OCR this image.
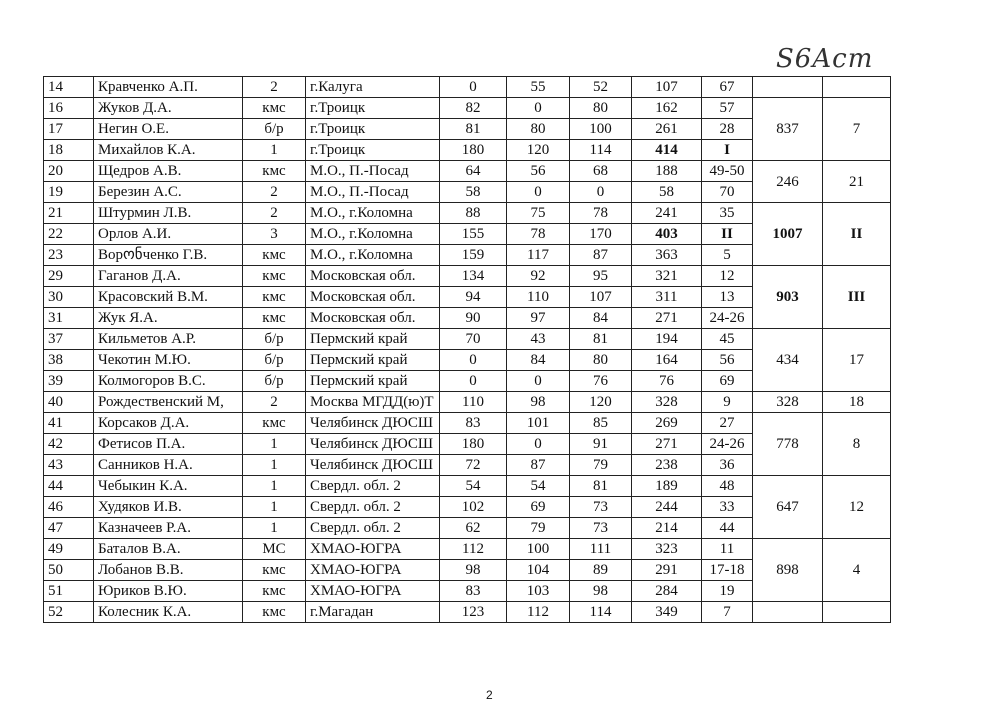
S6Acт
14	Кравченко А.П.	2	г.Калуга	0	55	52	107	67		
16	Жуков Д.А.	кмс	г.Троицк	82	0	80	162	57	837	7
17	Негин О.Е.	б/р	г.Троицк	81	80	100	261	28		
18	Михайлов К.А.	1	г.Троицк	180	120	114	414	I		
20	Щедров А.В.	кмс	М.О., П.-Посад	64	56	68	188	49-50	246	21
19	Березин А.С.	2	М.О., П.-Посад	58	0	0	58	70		
21	Штурмин Л.В.	2	М.О., г.Коломна	88	75	78	241	35	1007	II
22	Орлов А.И.	3	М.О., г.Коломна	155	78	170	403	II		
23	Ворონченко Г.В.	кмс	М.О., г.Коломна	159	117	87	363	5		
29	Гаганов Д.А.	кмс	Московская обл.	134	92	95	321	12	903	III
30	Красовский В.М.	кмс	Московская обл.	94	110	107	311	13		
31	Жук Я.А.	кмс	Московская обл.	90	97	84	271	24-26		
37	Кильметов А.Р.	б/р	Пермский край	70	43	81	194	45	434	17
38	Чекотин М.Ю.	б/р	Пермский край	0	84	80	164	56		
39	Колмогоров В.С.	б/р	Пермский край	0	0	76	76	69		
40	Рождественский М,	2	Москва МГДД(ю)Т	110	98	120	328	9	328	18
41	Корсаков Д.А.	кмс	Челябинск ДЮСШ	83	101	85	269	27	778	8
42	Фетисов П.А.	1	Челябинск ДЮСШ	180	0	91	271	24-26		
43	Санников Н.А.	1	Челябинск ДЮСШ	72	87	79	238	36		
44	Чебыкин К.А.	1	Свердл. обл. 2	54	54	81	189	48	647	12
46	Худяков И.В.	1	Свердл. обл. 2	102	69	73	244	33		
47	Казначеев Р.А.	1	Свердл. обл. 2	62	79	73	214	44		
49	Баталов В.А.	МС	ХМАО-ЮГРА	112	100	111	323	11	898	4
50	Лобанов В.В.	кмс	ХМАО-ЮГРА	98	104	89	291	17-18		
51	Юриков В.Ю.	кмс	ХМАО-ЮГРА	83	103	98	284	19		
52	Колесник К.А.	кмс	г.Магадан	123	112	114	349	7		
2
